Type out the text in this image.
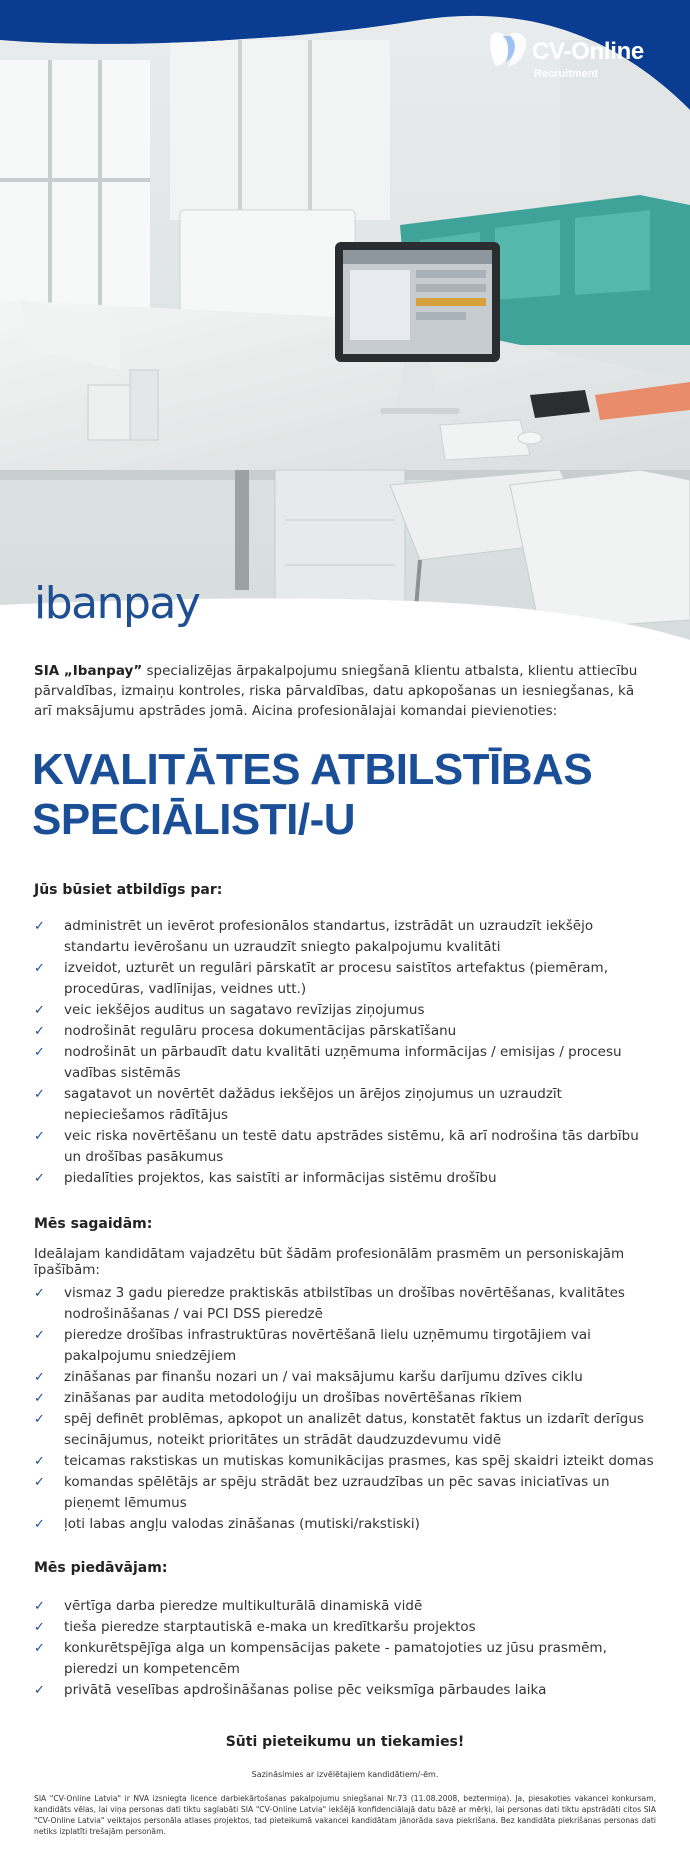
CV-Online
Recruitment
ibanpay

SIA „Ibanpay” specializējas ārpakalpojumu sniegšanā klientu atbalsta, klientu attiecību pārvaldības, izmaiņu kontroles, riska pārvaldības, datu apkopošanas un iesniegšanas, kā arī maksājumu apstrādes jomā. Aicina profesionālajai komandai pievienoties:

KVALITĀTES ATBILSTĪBAS
SPECIĀLISTI/-U
Jūs būsiet atbildīgs par:
✓ administrēt un ievērot profesionālos standartus, izstrādāt un uzraudzīt iekšējo standartu ievērošanu un uzraudzīt sniegto pakalpojumu kvalitāti
✓ izveidot, uzturēt un regulāri pārskatīt ar procesu saistītos artefaktus (piemēram, procedūras, vadlīnijas, veidnes utt.)
✓ veic iekšējos auditus un sagatavo revīzijas ziņojumus
✓ nodrošināt regulāru procesa dokumentācijas pārskatīšanu
✓ nodrošināt un pārbaudīt datu kvalitāti uzņēmuma informācijas / emisijas / procesu vadības sistēmās
✓ sagatavot un novērtēt dažādus iekšējos un ārējos ziņojumus un uzraudzīt nepieciešamos rādītājus
✓ veic riska novērtēšanu un testē datu apstrādes sistēmu, kā arī nodrošina tās darbību un drošības pasākumus
✓ piedalīties projektos, kas saistīti ar informācijas sistēmu drošību
Mēs sagaidām:

Ideālajam kandidātam vajadzētu būt šādām profesionālām prasmēm un personiskajām īpašībām:

✓ vismaz 3 gadu pieredze praktiskās atbilstības un drošības novērtēšanas, kvalitātes nodrošināšanas / vai PCI DSS pieredzē
✓ pieredze drošības infrastruktūras novērtēšanā lielu uzņēmumu tirgotājiem vai pakalpojumu sniedzējiem
✓ zināšanas par finanšu nozari un / vai maksājumu karšu darījumu dzīves ciklu
✓ zināšanas par audita metodoloģiju un drošības novērtēšanas rīkiem
✓ spēj definēt problēmas, apkopot un analizēt datus, konstatēt faktus un izdarīt derīgus secinājumus, noteikt prioritātes un strādāt daudzuzdevumu vidē
✓ teicamas rakstiskas un mutiskas komunikācijas prasmes, kas spēj skaidri izteikt domas
✓ komandas spēlētājs ar spēju strādāt bez uzraudzības un pēc savas iniciatīvas un pieņemt lēmumus
✓ ļoti labas angļu valodas zināšanas (mutiski/rakstiski)
Mēs piedāvājam:
✓ vērtīga darba pieredze multikulturālā dinamiskā vidē
✓ tieša pieredze starptautiskā e-maka un kredītkaršu projektos
✓ konkurētspējīga alga un kompensācijas pakete - pamatojoties uz jūsu prasmēm, pieredzi un kompetencēm
✓ privātā veselības apdrošināšanas polise pēc veiksmīga pārbaudes laika

Sūti pieteikumu un tiekamies!

Sazināsimies ar izvēlētajiem kandidātiem/-ēm.

SIA "CV-Online Latvia" ir NVA izsniegta licence darbiekārtošanas pakalpojumu sniegšanai Nr.73 (11.08.2008, beztermiņa). Ja, piesakoties vakancei konkursam, kandidāts vēlas, lai viņa personas dati tiktu saglabāti SIA "CV-Online Latvia" iekšējā konfidenciālajā datu bāzē ar mērķi, lai personas dati tiktu apstrādāti citos SIA "CV-Online Latvia" veiktajos personāla atlases projektos, tad pieteikumā vakancei kandidātam jānorāda sava piekrišana. Bez kandidāta piekrišanas personas dati netiks izplatīti trešajām personām.
